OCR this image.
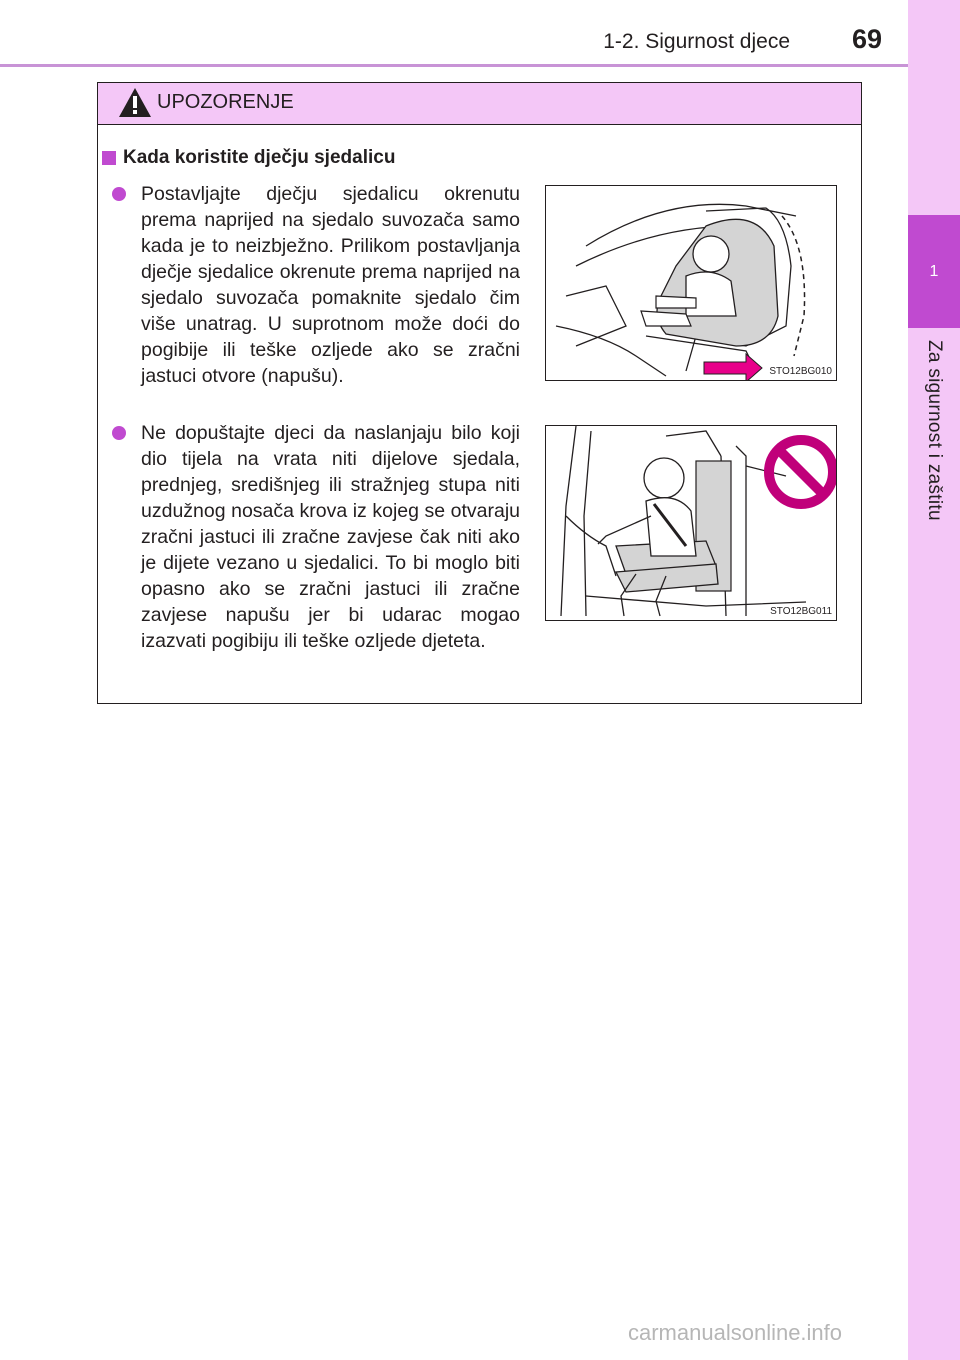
1-2. Sigurnost djece 69
1
Za sigurnost i zaštitu
UPOZORENJE
Kada koristite dječju sjedalicu
Postavljajte dječju sjedalicu okrenutu prema naprijed na sjedalo suvozača samo kada je to neizbježno. Prilikom postavljanja dječje sjedalice okrenute prema naprijed na sjedalo suvozača pomaknite sjedalo čim više unatrag. U suprotnom može doći do pogibije ili teške ozljede ako se zračni jastuci otvore (napušu).	STO12BG010
Ne dopuštajte djeci da naslanjaju bilo koji dio tijela na vrata niti dijelove sjedala, prednjeg, središnjeg ili stražnjeg stupa niti uzdužnog nosača krova iz kojeg se otvaraju zračni jastuci ili zračne zavjese čak niti ako je dijete vezano u sjedalici. To bi moglo biti opasno ako se zračni jastuci ili zračne zavjese napušu jer bi udarac mogao izazvati pogibiju ili teške ozljede djeteta.
STO12BG011
carmanualsonline.info
